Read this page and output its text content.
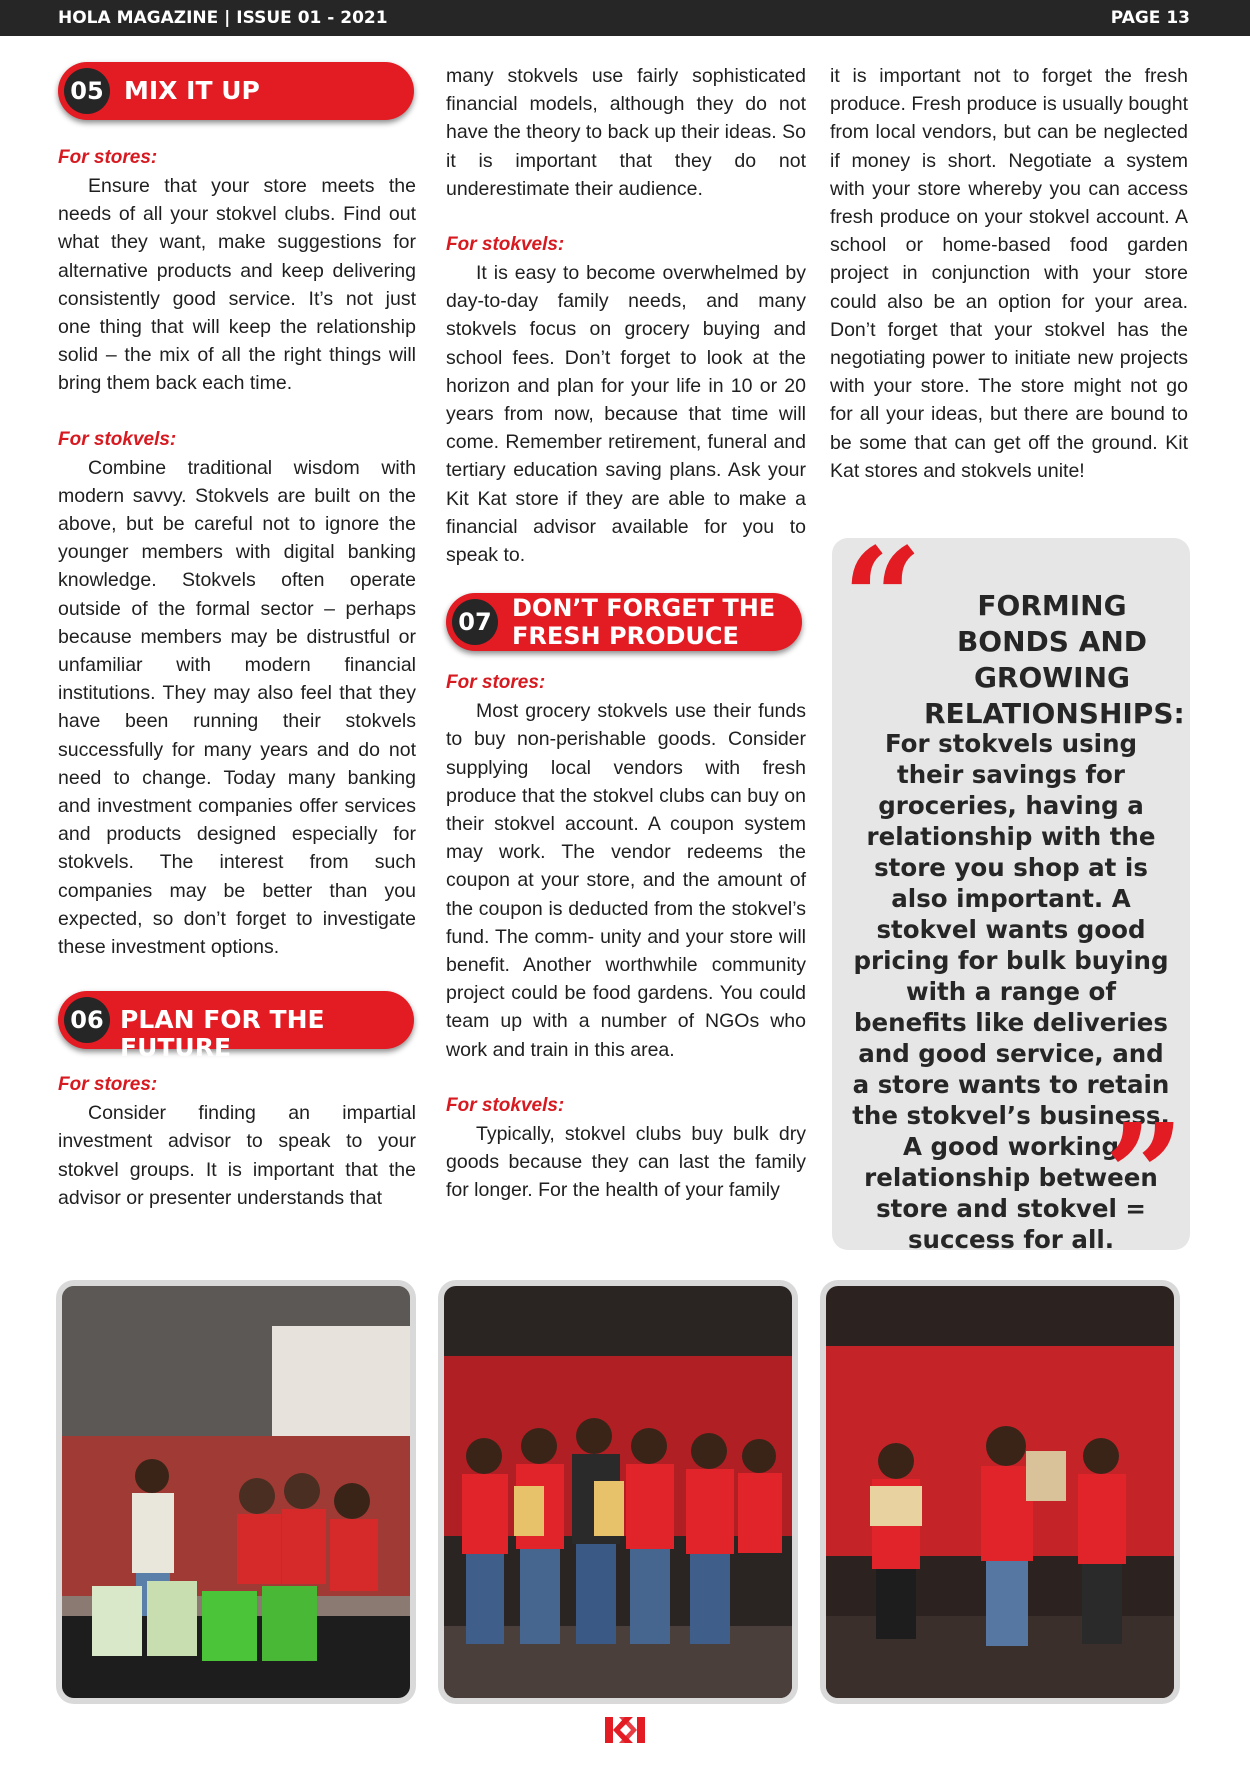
HOLA MAGAZINE | ISSUE 01 - 2021	PAGE 13
05 MIX IT UP

For stores:

Ensure that your store meets the needs of all your stokvel clubs. Find out what they want, make suggestions for alternative products and keep delivering consistently good service. It’s not just one thing that will keep the relationship solid – the mix of all the right things will bring them back each time.

For stokvels:

Combine traditional wisdom with modern savvy. Stokvels are built on the above, but be careful not to ignore the younger members with digital banking knowledge. Stokvels often operate outside of the formal sector – perhaps because members may be distrustful or unfamiliar with modern financial institutions. They may also feel that they have been running their stokvels successfully for many years and do not need to change. Today many banking and investment companies offer services and products designed especially for stokvels. The interest from such companies may be better than you expected, so don’t forget to investigate these investment options.

06 PLAN FOR THE FUTURE

For stores:

Consider finding an impartial investment advisor to speak to your stokvel groups. It is important that the advisor or presenter understands that

many stokvels use fairly sophisticated financial models, although they do not have the theory to back up their ideas. So it is important that they do not underestimate their audience.

For stokvels:

It is easy to become overwhelmed by day-to-day family needs, and many stokvels focus on grocery buying and school fees. Don’t forget to look at the horizon and plan for your life in 10 or 20 years from now, because that time will come. Remember retirement, funeral and tertiary education saving plans. Ask your Kit Kat store if they are able to make a financial advisor available for you to speak to.

07 DON’T FORGET THE
FRESH PRODUCE

For stores:

Most grocery stokvels use their funds to buy non-perishable goods. Consider supplying local vendors with fresh produce that the stokvel clubs can buy on their stokvel account. A coupon system may work. The vendor redeems the coupon at your store, and the amount of the coupon is deducted from the stokvel’s fund. The comm- unity and your store will benefit. Another worthwhile community project could be food gardens. You could team up with a number of NGOs who work and train in this area.

For stokvels:

Typically, stokvel clubs buy bulk dry goods because they can last the family for longer. For the health of your family

it is important not to forget the fresh produce. Fresh produce is usually bought from local vendors, but can be neglected if money is short. Negotiate a system with your store whereby you can access fresh produce on your stokvel account. A school or home-based food garden project in conjunction with your store could also be an option for your area. Don’t forget that your stokvel has the negotiating power to initiate new projects with your store. The store might not go for all your ideas, but there are bound to be some that can get off the ground. Kit Kat stores and stokvels unite!

“	FORMING BONDS AND GROWING RELATIONSHIPS:
For stokvels using their savings for groceries, having a relationship with the store you shop at is also important. A stokvel wants good pricing for bulk buying with a range of benefits like deliveries and good service, and a store wants to retain the stokvel’s business. A good working relationship between store and stokvel = success for all.
”
